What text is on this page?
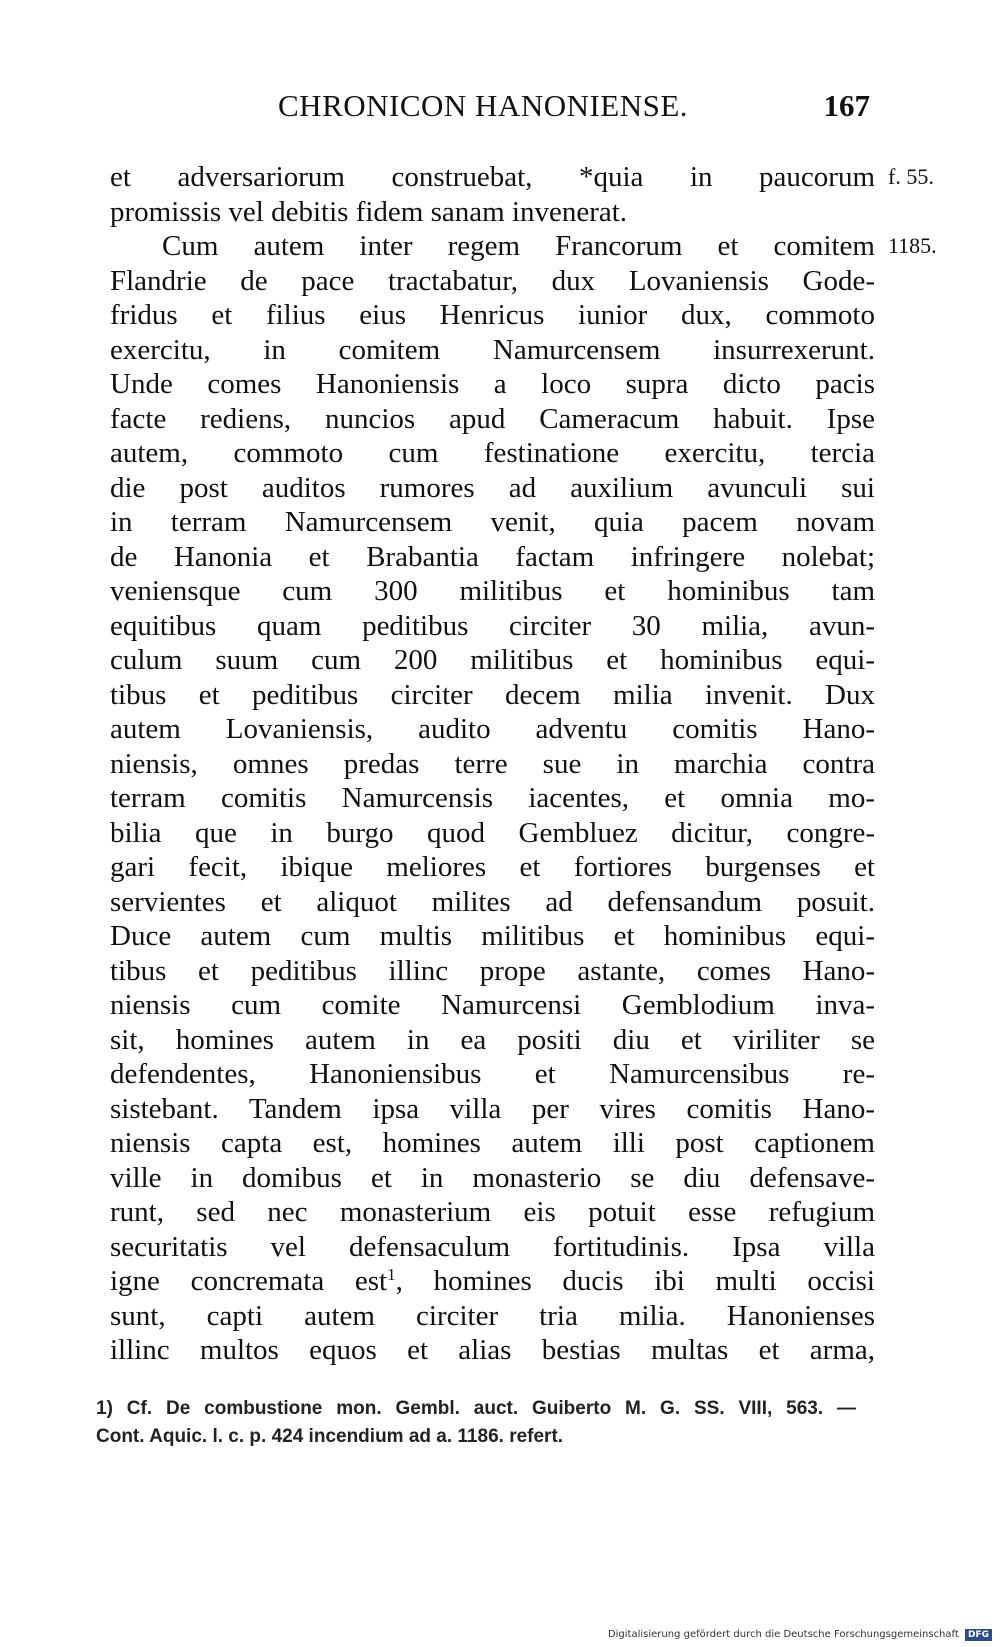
CHRONICON HANONIENSE.	167
f. 55.
1185.
et adversariorum construebat, *quia in paucorum
promissis vel debitis fidem sanam invenerat.
Cum autem inter regem Francorum et comitem
Flandrie de pace tractabatur, dux Lovaniensis Gode-
fridus et filius eius Henricus iunior dux, commoto
exercitu, in comitem Namurcensem insurrexerunt.
Unde comes Hanoniensis a loco supra dicto pacis
facte rediens, nuncios apud Cameracum habuit. Ipse
autem, commoto cum festinatione exercitu, tercia
die post auditos rumores ad auxilium avunculi sui
in terram Namurcensem venit, quia pacem novam
de Hanonia et Brabantia factam infringere nolebat;
veniensque cum 300 militibus et hominibus tam
equitibus quam peditibus circiter 30 milia, avun-
culum suum cum 200 militibus et hominibus equi-
tibus et peditibus circiter decem milia invenit. Dux
autem Lovaniensis, audito adventu comitis Hano-
niensis, omnes predas terre sue in marchia contra
terram comitis Namurcensis iacentes, et omnia mo-
bilia que in burgo quod Gembluez dicitur, congre-
gari fecit, ibique meliores et fortiores burgenses et
servientes et aliquot milites ad defensandum posuit.
Duce autem cum multis militibus et hominibus equi-
tibus et peditibus illinc prope astante, comes Hano-
niensis cum comite Namurcensi Gemblodium inva-
sit, homines autem in ea positi diu et viriliter se
defendentes, Hanoniensibus et Namurcensibus re-
sistebant. Tandem ipsa villa per vires comitis Hano-
niensis capta est, homines autem illi post captionem
ville in domibus et in monasterio se diu defensave-
runt, sed nec monasterium eis potuit esse refugium
securitatis vel defensaculum fortitudinis. Ipsa villa
igne concremata est$^1$, homines ducis ibi multi occisi
sunt, capti autem circiter tria milia. Hanonienses
illinc multos equos et alias bestias multas et arma,
1) Cf. De combustione mon. Gembl. auct. Guiberto M. G. SS. VIII, 563. —
Cont. Aquic. l. c. p. 424 incendium ad a. 1186. refert.
Digitalisierung gefördert durch die Deutsche Forschungsgemeinschaft DFG
